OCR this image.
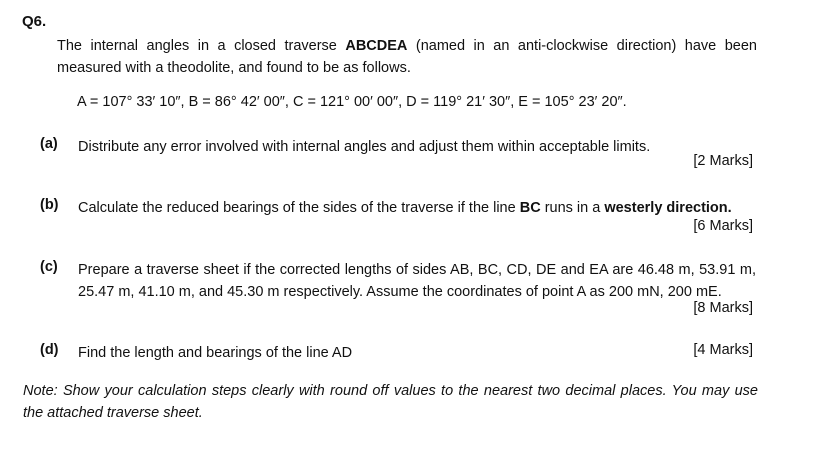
Q6.
The internal angles in a closed traverse ABCDEA (named in an anti-clockwise direction) have been measured with a theodolite, and found to be as follows.
A = 107° 33′ 10″, B = 86° 42′ 00″, C = 121° 00′ 00″, D = 119° 21′ 30″, E = 105° 23′ 20″.
(a) Distribute any error involved with internal angles and adjust them within acceptable limits.
[2 Marks]
(b) Calculate the reduced bearings of the sides of the traverse if the line BC runs in a westerly direction.
[6 Marks]
(c) Prepare a traverse sheet if the corrected lengths of sides AB, BC, CD, DE and EA are 46.48 m, 53.91 m, 25.47 m, 41.10 m, and 45.30 m respectively. Assume the coordinates of point A as 200 mN, 200 mE.
[8 Marks]
(d) Find the length and bearings of the line AD	[4 Marks]
Note: Show your calculation steps clearly with round off values to the nearest two decimal places. You may use the attached traverse sheet.
